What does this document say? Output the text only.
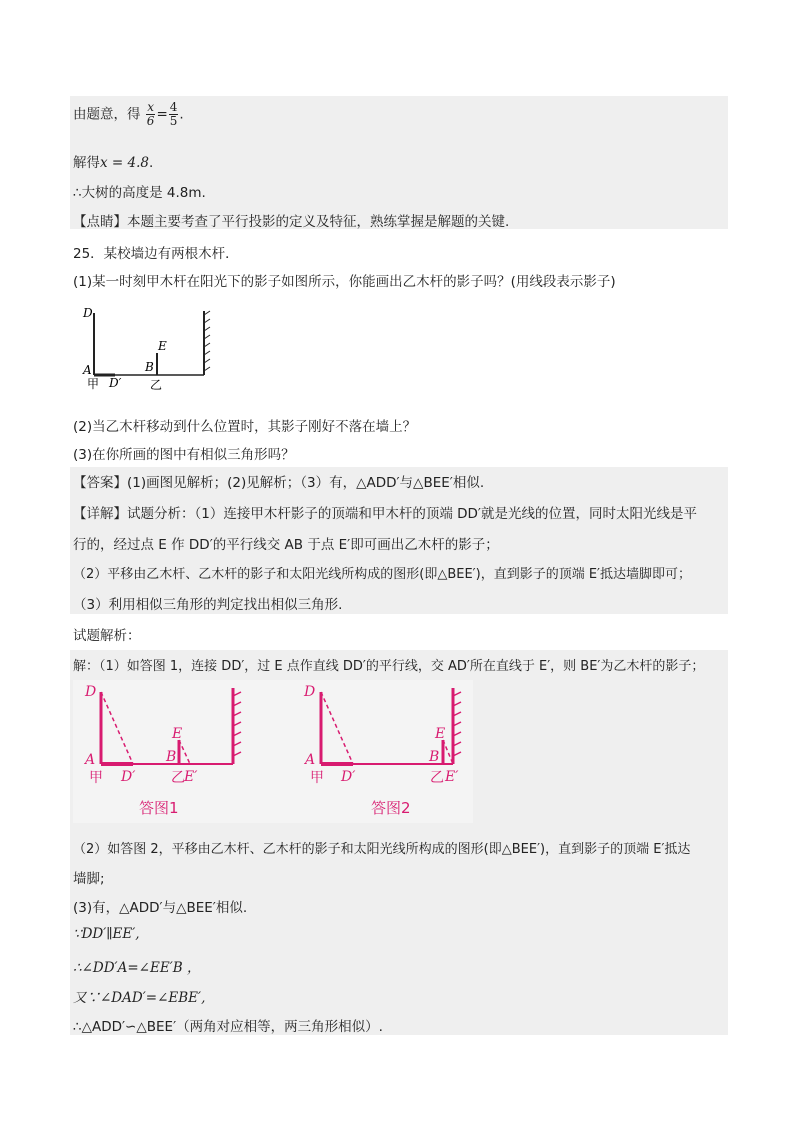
由题意，得 $\frac{x}{6} = \frac{4}{5}$ .
解得x = 4.8.
∴大树的高度是 4.8m.
【点睛】本题主要考查了平行投影的定义及特征，熟练掌握是解题的关键.
25．某校墙边有两根木杆．
(1)某一时刻甲木杆在阳光下的影子如图所示，你能画出乙木杆的影子吗？(用线段表示影子)
D
E
B
A
D′
甲	乙
(2)当乙木杆移动到什么位置时，其影子刚好不落在墙上？
(3)在你所画的图中有相似三角形吗？
【答案】(1)画图见解析；(2)见解析；（3）有，△ADD′与△BEE′相似.
【详解】试题分析：（1）连接甲木杆影子的顶端和甲木杆的顶端 DD′就是光线的位置，同时太阳光线是平
行的，经过点 E 作 DD′的平行线交 AB 于点 E′即可画出乙木杆的影子；
（2）平移由乙木杆、乙木杆的影子和太阳光线所构成的图形(即△BEE′)，直到影子的顶端 E′抵达墙脚即可；
（3）利用相似三角形的判定找出相似三角形.
试题解析：
解：（1）如答图 1，连接 DD′，过 E 点作直线 DD′的平行线，交 AD′所在直线于 E′，则 BE′为乙木杆的影子；
D
E
B
A
D′	E′
甲	乙
答图1
D
E
B
A
D′	E′
甲	乙
答图2
（2）如答图 2，平移由乙木杆、乙木杆的影子和太阳光线所构成的图形(即△BEE′)，直到影子的顶端 E′抵达
墙脚;
(3)有，△ADD′与△BEE′相似.
∵DD′∥EE′,
∴∠DD′A=∠EE′B ，
又∵∠DAD′=∠EBE′,
∴△ADD′∽△BEE′（两角对应相等，两三角形相似）.
